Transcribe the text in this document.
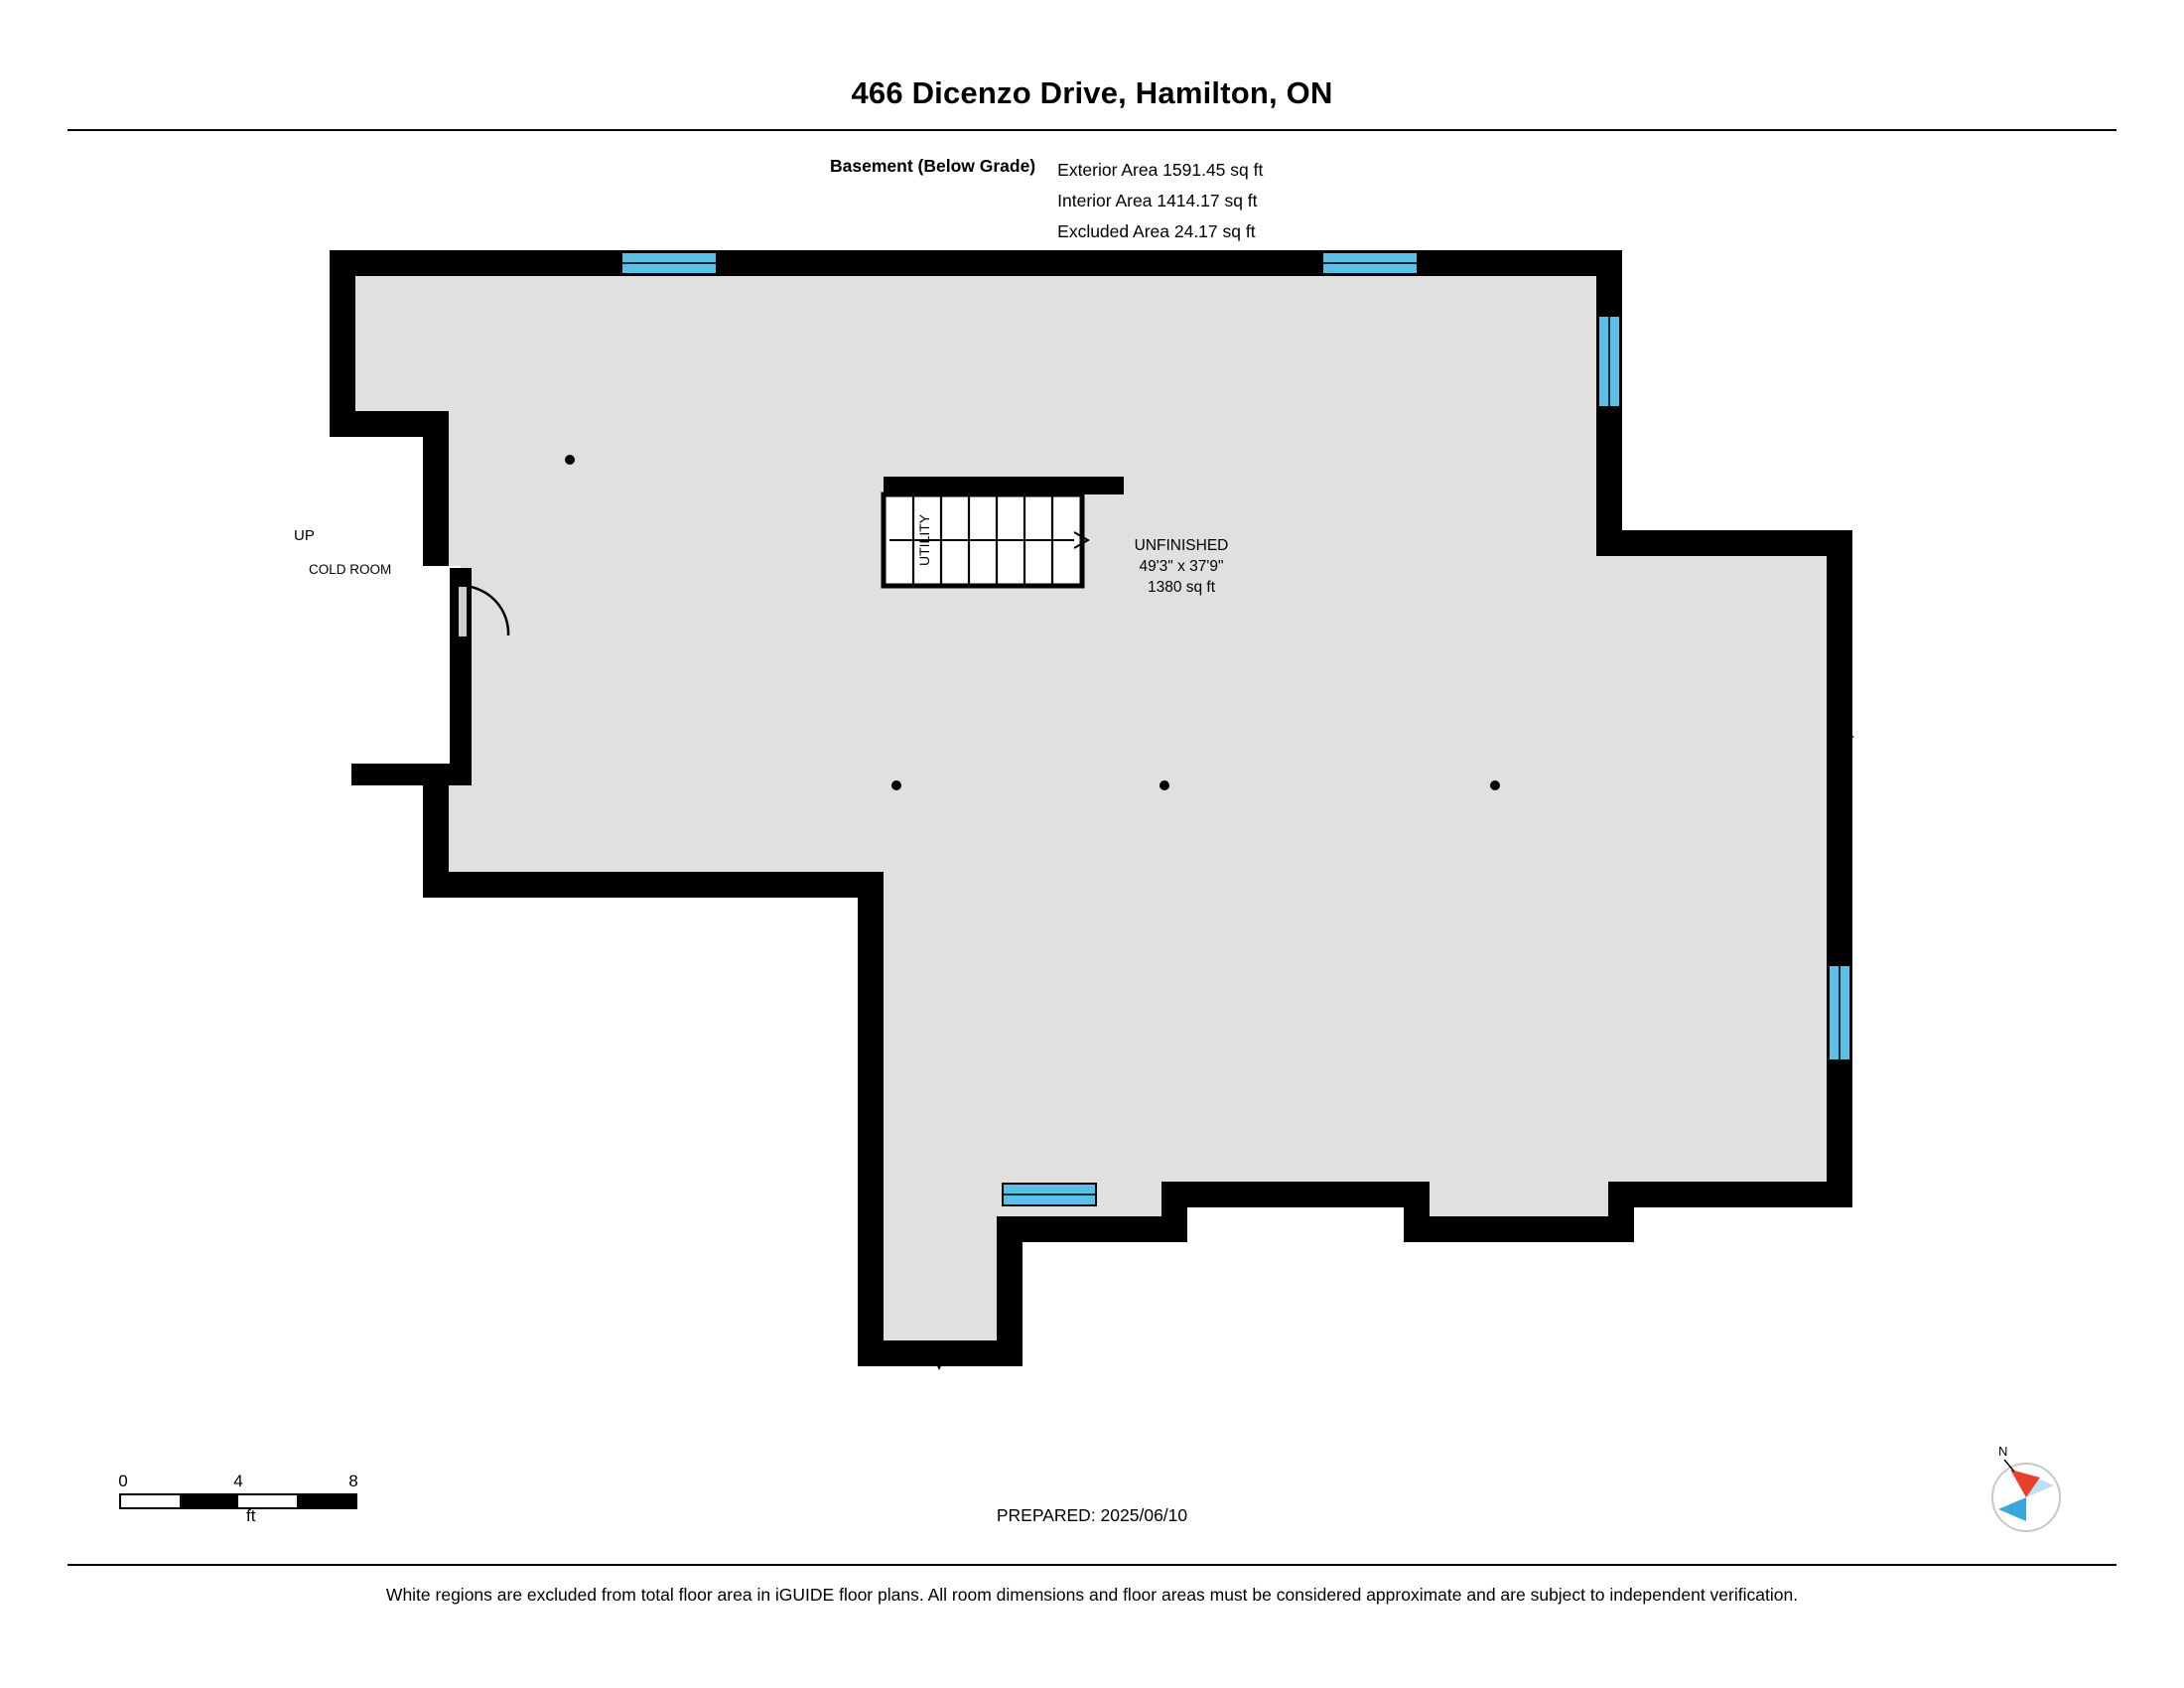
466 Dicenzo Drive, Hamilton, ON
Basement (Below Grade) Exterior Area 1591.45 sq ft
Interior Area 1414.17 sq ft
Excluded Area 24.17 sq ft
UP
COLD ROOM
UTILITY	UNFINISHED
49'3" x 37'9"
1380 sq ft
0	4	8
ft	PREPARED: 2025/06/10
N
White regions are excluded from total floor area in iGUIDE floor plans. All room dimensions and floor areas must be considered approximate and are subject to independent verification.
